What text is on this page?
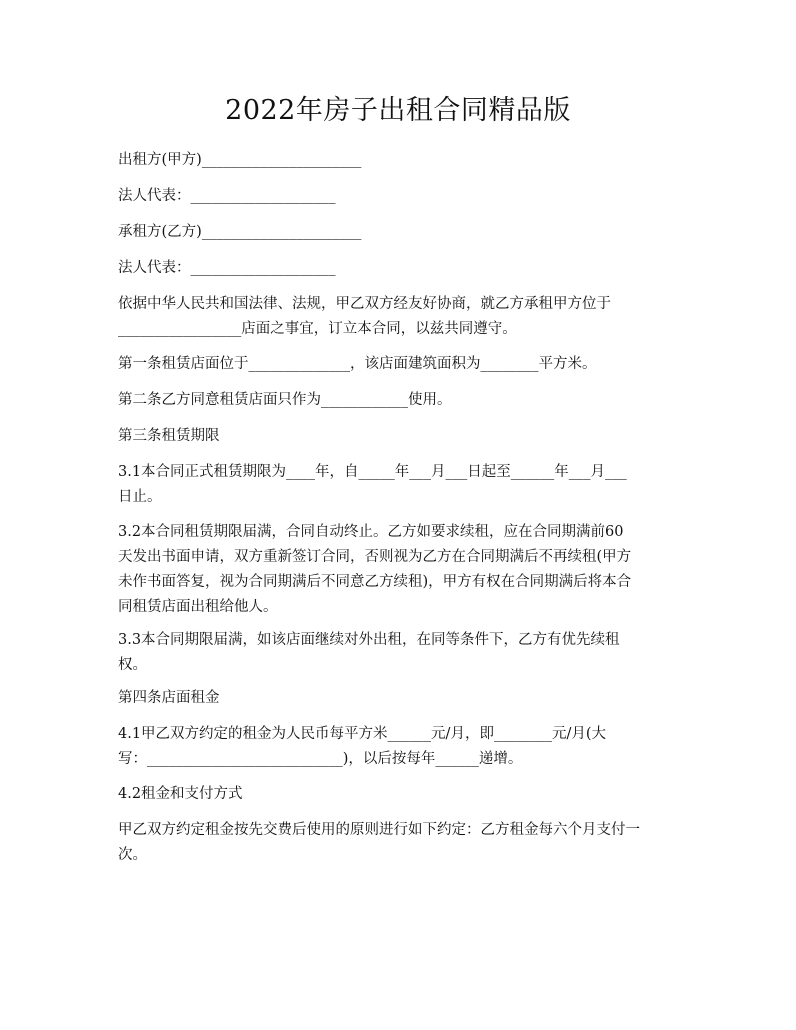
2022年房子出租合同精品版

出租方(甲方)______________________

法人代表：____________________

承租方(乙方)______________________

法人代表：____________________

依据中华人民共和国法律、法规，甲乙双方经友好协商，就乙方承租甲方位于
_________________店面之事宜，订立本合同，以兹共同遵守。

第一条租赁店面位于______________，该店面建筑面积为________平方米。

第二条乙方同意租赁店面只作为____________使用。

第三条租赁期限

3.1本合同正式租赁期限为____年，自_____年___月___日起至______年___月___
日止。

3.2本合同租赁期限届满，合同自动终止。乙方如要求续租，应在合同期满前60
天发出书面申请，双方重新签订合同，否则视为乙方在合同期满后不再续租(甲方
未作书面答复，视为合同期满后不同意乙方续租)，甲方有权在合同期满后将本合
同租赁店面出租给他人。

3.3本合同期限届满，如该店面继续对外出租，在同等条件下，乙方有优先续租
权。

第四条店面租金

4.1甲乙双方约定的租金为人民币每平方米______元/月，即________元/月(大
写：___________________________)，以后按每年______递增。

4.2租金和支付方式

甲乙双方约定租金按先交费后使用的原则进行如下约定：乙方租金每六个月支付一
次。
